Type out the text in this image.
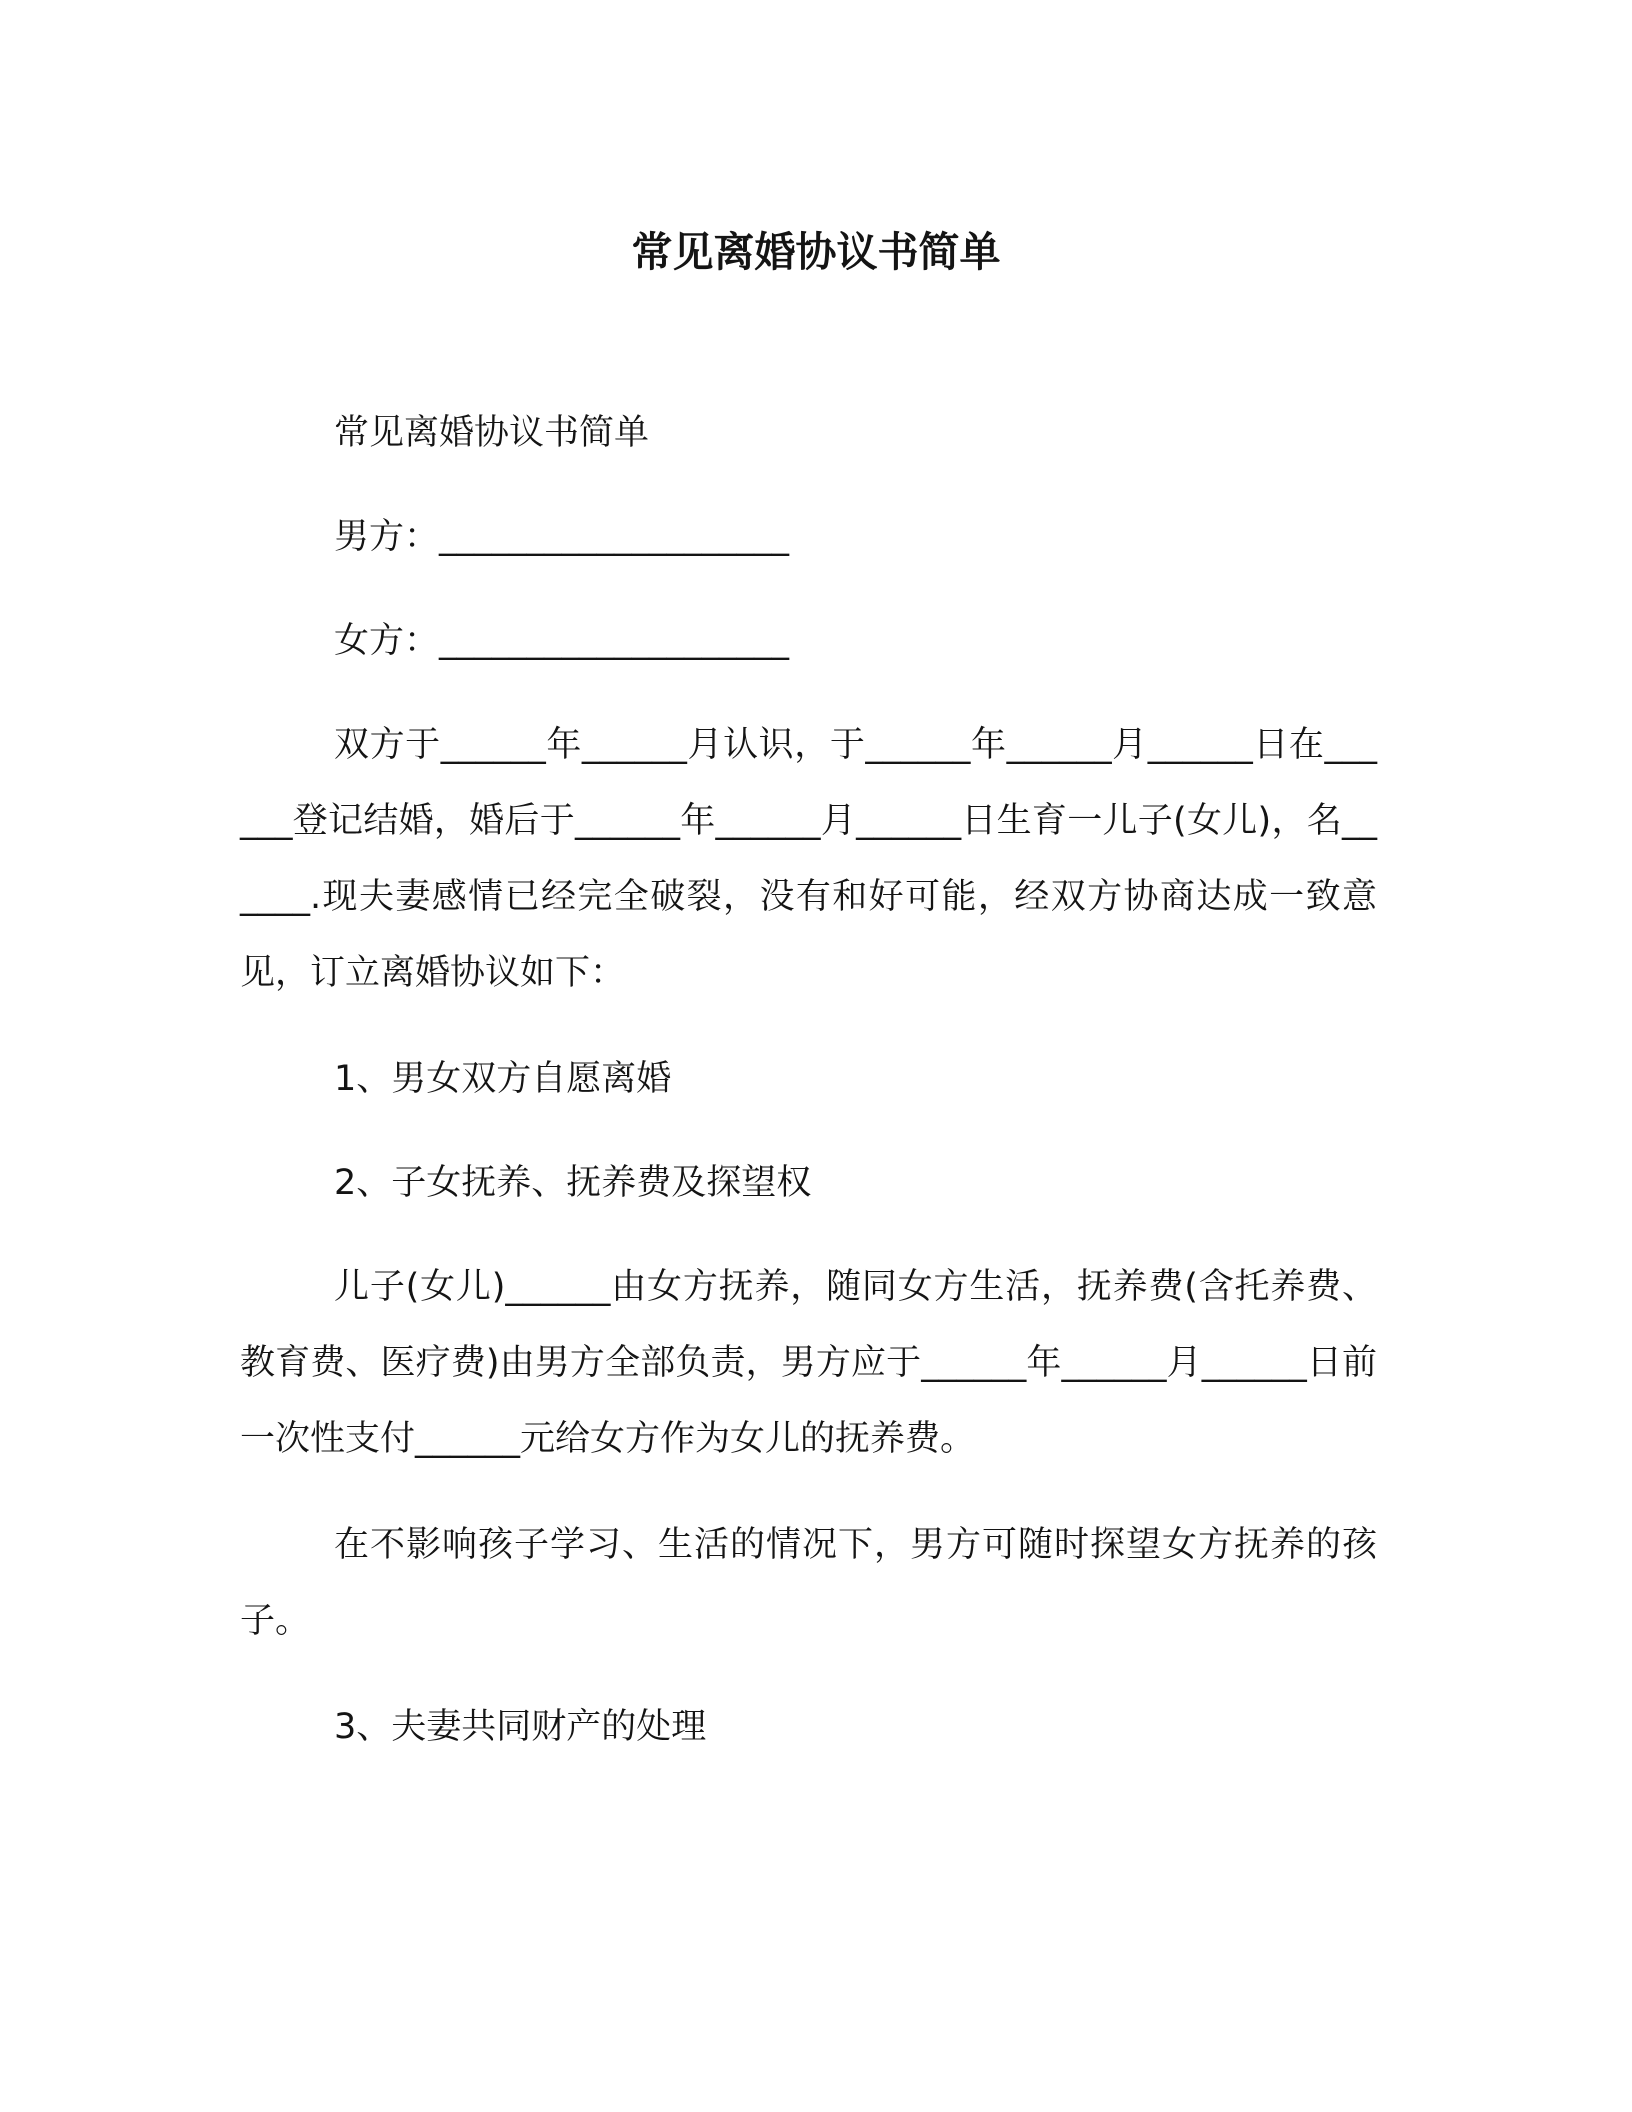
常见离婚协议书简单

常见离婚协议书简单

男方：____________________

女方：____________________

双方于______年______月认识，于______年______月______日在______登记结婚，婚后于______年______月______日生育一儿子(女儿)，名______.现夫妻感情已经完全破裂，没有和好可能，经双方协商达成一致意见，订立离婚协议如下：

1、男女双方自愿离婚

2、子女抚养、抚养费及探望权

儿子(女儿)______由女方抚养，随同女方生活，抚养费(含托养费、教育费、医疗费)由男方全部负责，男方应于______年______月______日前一次性支付______元给女方作为女儿的抚养费。

在不影响孩子学习、生活的情况下，男方可随时探望女方抚养的孩子。

3、夫妻共同财产的处理
